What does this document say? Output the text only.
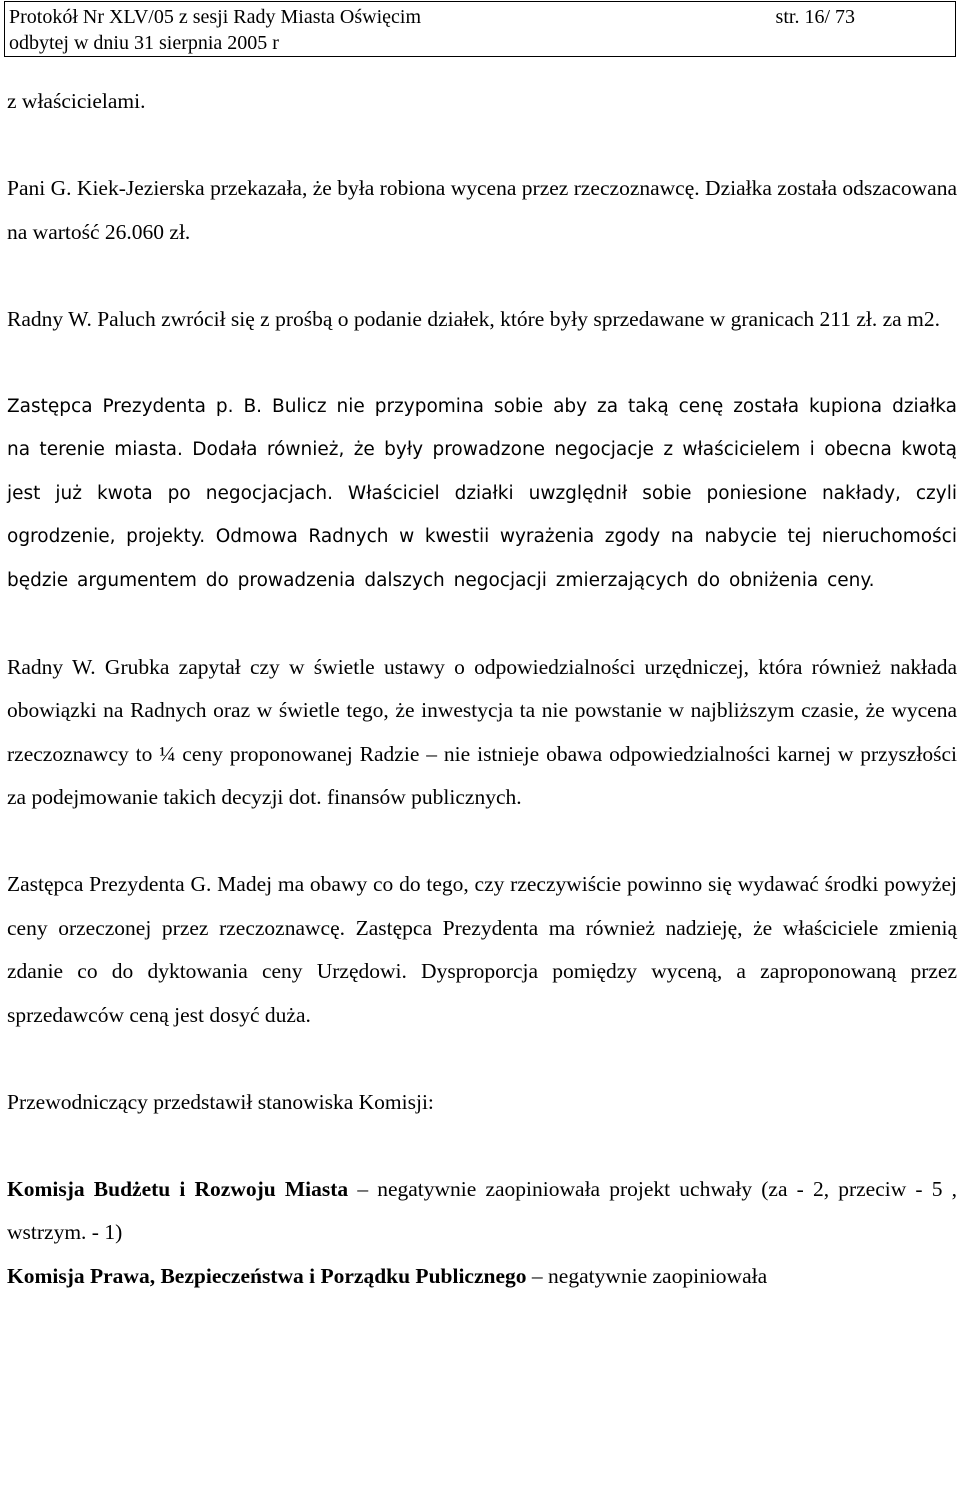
Protokół Nr XLV/05 z sesji Rady Miasta Oświęcim	str. 16/ 73
odbytej w dniu 31 sierpnia 2005 r

z właścicielami.

Pani G. Kiek-Jezierska przekazała, że była robiona wycena przez rzeczoznawcę. Działka została odszacowana na wartość 26.060 zł.

Radny W. Paluch zwrócił się z prośbą o podanie działek, które były sprzedawane w granicach 211 zł. za m2.

Zastępca Prezydenta p. B. Bulicz nie przypomina sobie aby za taką cenę została kupiona działka na terenie miasta. Dodała również, że były prowadzone negocjacje z właścicielem i obecna kwotą jest już kwota po negocjacjach. Właściciel działki uwzględnił sobie poniesione nakłady, czyli ogrodzenie, projekty. Odmowa Radnych w kwestii wyrażenia zgody na nabycie tej nieruchomości będzie argumentem do prowadzenia dalszych negocjacji zmierzających do obniżenia ceny.

Radny W. Grubka zapytał czy w świetle ustawy o odpowiedzialności urzędniczej, która również nakłada obowiązki na Radnych oraz w świetle tego, że inwestycja ta nie powstanie w najbliższym czasie, że wycena rzeczoznawcy to ¼ ceny proponowanej Radzie – nie istnieje obawa odpowiedzialności karnej w przyszłości za podejmowanie takich decyzji dot. finansów publicznych.

Zastępca Prezydenta G. Madej ma obawy co do tego, czy rzeczywiście powinno się wydawać środki powyżej ceny orzeczonej przez rzeczoznawcę. Zastępca Prezydenta ma również nadzieję, że właściciele zmienią zdanie co do dyktowania ceny Urzędowi. Dysproporcja pomiędzy wyceną, a zaproponowaną przez sprzedawców ceną jest dosyć duża.

Przewodniczący przedstawił stanowiska Komisji:

Komisja Budżetu i Rozwoju Miasta – negatywnie zaopiniowała projekt uchwały (za - 2, przeciw - 5 , wstrzym. - 1)

Komisja Prawa, Bezpieczeństwa i Porządku Publicznego – negatywnie zaopiniowała
